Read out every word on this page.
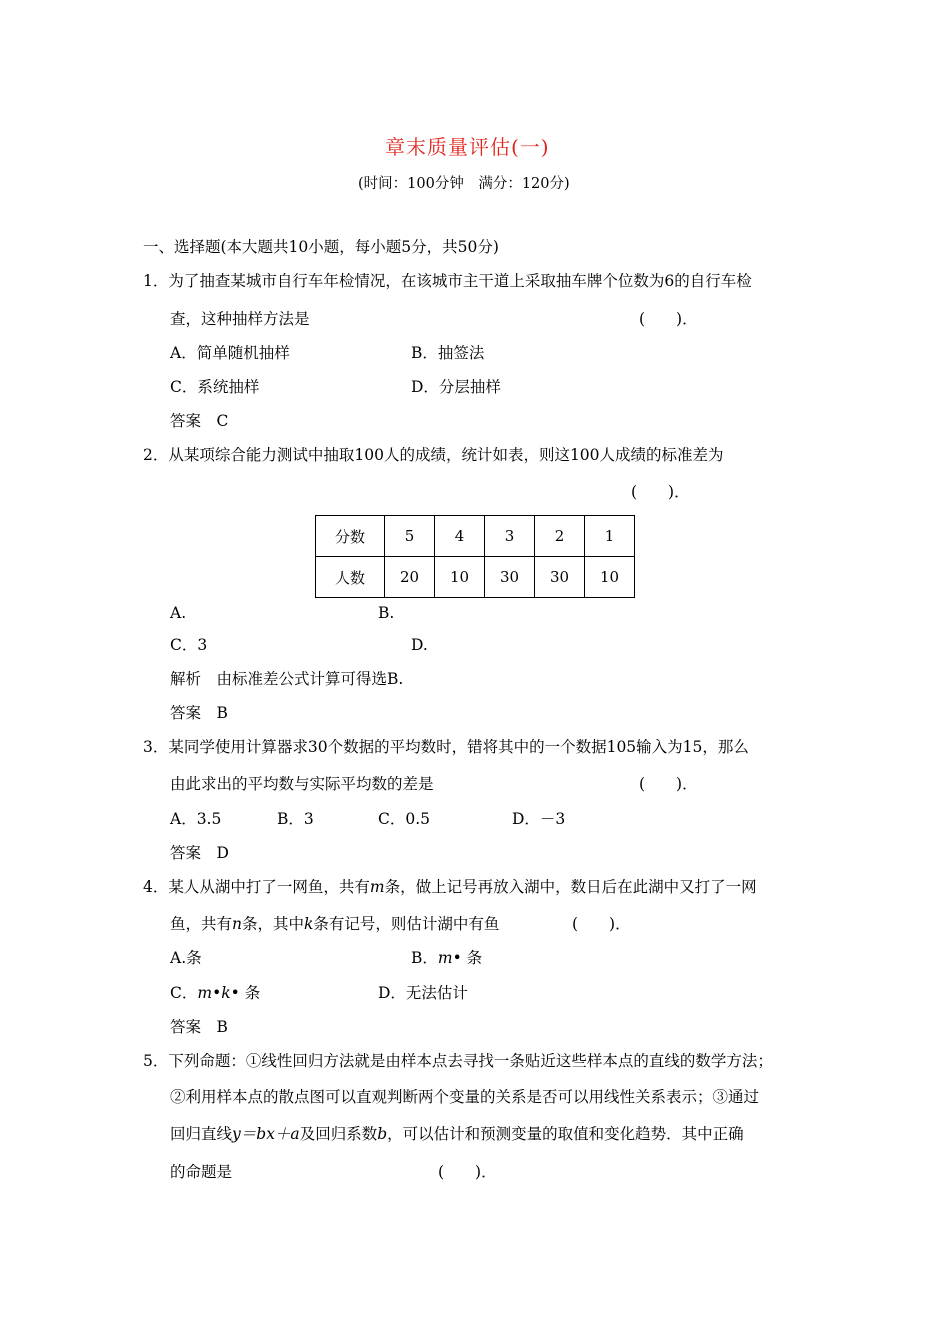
章末质量评估(一)
(时间：100分钟　满分：120分)
一、选择题(本大题共10小题，每小题5分，共50分)
1．为了抽查某城市自行车年检情况，在该城市主干道上采取抽车牌个位数为6的自行车检
查，这种抽样方法是	(　　)．
A．简单随机抽样	B．抽签法
C．系统抽样	D．分层抽样
答案　C
2．从某项综合能力测试中抽取100人的成绩，统计如表，则这100人成绩的标准差为
(　　)．
分数	5	4	3	2	1
人数	20	10	30	30	10
A.	B.
C．3	D.
解析　由标准差公式计算可得选B.
答案　B
3．某同学使用计算器求30个数据的平均数时，错将其中的一个数据105输入为15，那么
由此求出的平均数与实际平均数的差是	(　　)．
A．3.5	B．3	C．0.5	D．－3
答案　D
4．某人从湖中打了一网鱼，共有m条，做上记号再放入湖中，数日后在此湖中又打了一网
鱼，共有n条，其中k条有记号，则估计湖中有鱼	(　　)．
A.条	B．m• 条
C．m•k• 条	D．无法估计
答案　B
5．下列命题：①线性回归方法就是由样本点去寻找一条贴近这些样本点的直线的数学方法；
②利用样本点的散点图可以直观判断两个变量的关系是否可以用线性关系表示；③通过
回归直线y＝bx＋a及回归系数b，可以估计和预测变量的取值和变化趋势．其中正确
的命题是	(　　)．
